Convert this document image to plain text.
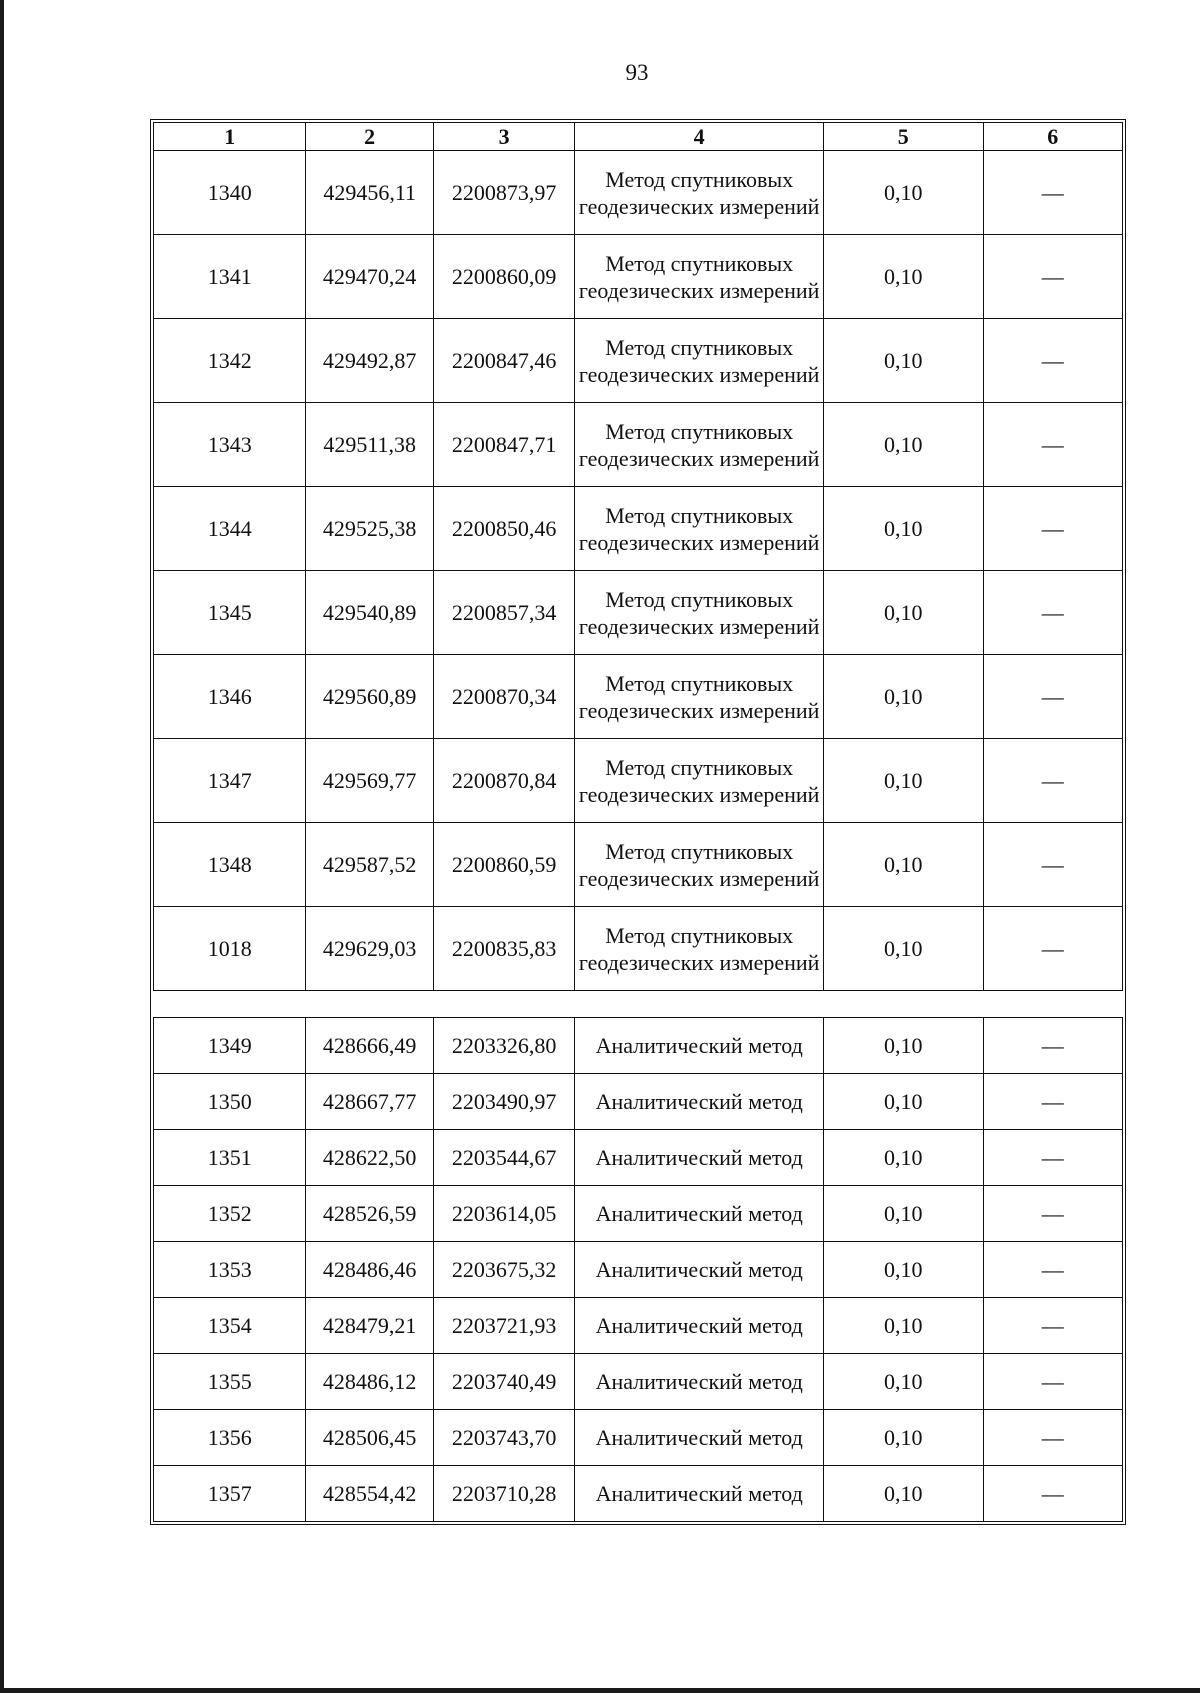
93
1	2	3	4	5	6
1340	429456,11	2200873,97	Метод спутниковых геодезических измерений	0,10	—
1341	429470,24	2200860,09	Метод спутниковых геодезических измерений	0,10	—
1342	429492,87	2200847,46	Метод спутниковых геодезических измерений	0,10	—
1343	429511,38	2200847,71	Метод спутниковых геодезических измерений	0,10	—
1344	429525,38	2200850,46	Метод спутниковых геодезических измерений	0,10	—
1345	429540,89	2200857,34	Метод спутниковых геодезических измерений	0,10	—
1346	429560,89	2200870,34	Метод спутниковых геодезических измерений	0,10	—
1347	429569,77	2200870,84	Метод спутниковых геодезических измерений	0,10	—
1348	429587,52	2200860,59	Метод спутниковых геодезических измерений	0,10	—
1018	429629,03	2200835,83	Метод спутниковых геодезических измерений	0,10	—

1349	428666,49	2203326,80	Аналитический метод	0,10	—
1350	428667,77	2203490,97	Аналитический метод	0,10	—
1351	428622,50	2203544,67	Аналитический метод	0,10	—
1352	428526,59	2203614,05	Аналитический метод	0,10	—
1353	428486,46	2203675,32	Аналитический метод	0,10	—
1354	428479,21	2203721,93	Аналитический метод	0,10	—
1355	428486,12	2203740,49	Аналитический метод	0,10	—
1356	428506,45	2203743,70	Аналитический метод	0,10	—
1357	428554,42	2203710,28	Аналитический метод	0,10	—
